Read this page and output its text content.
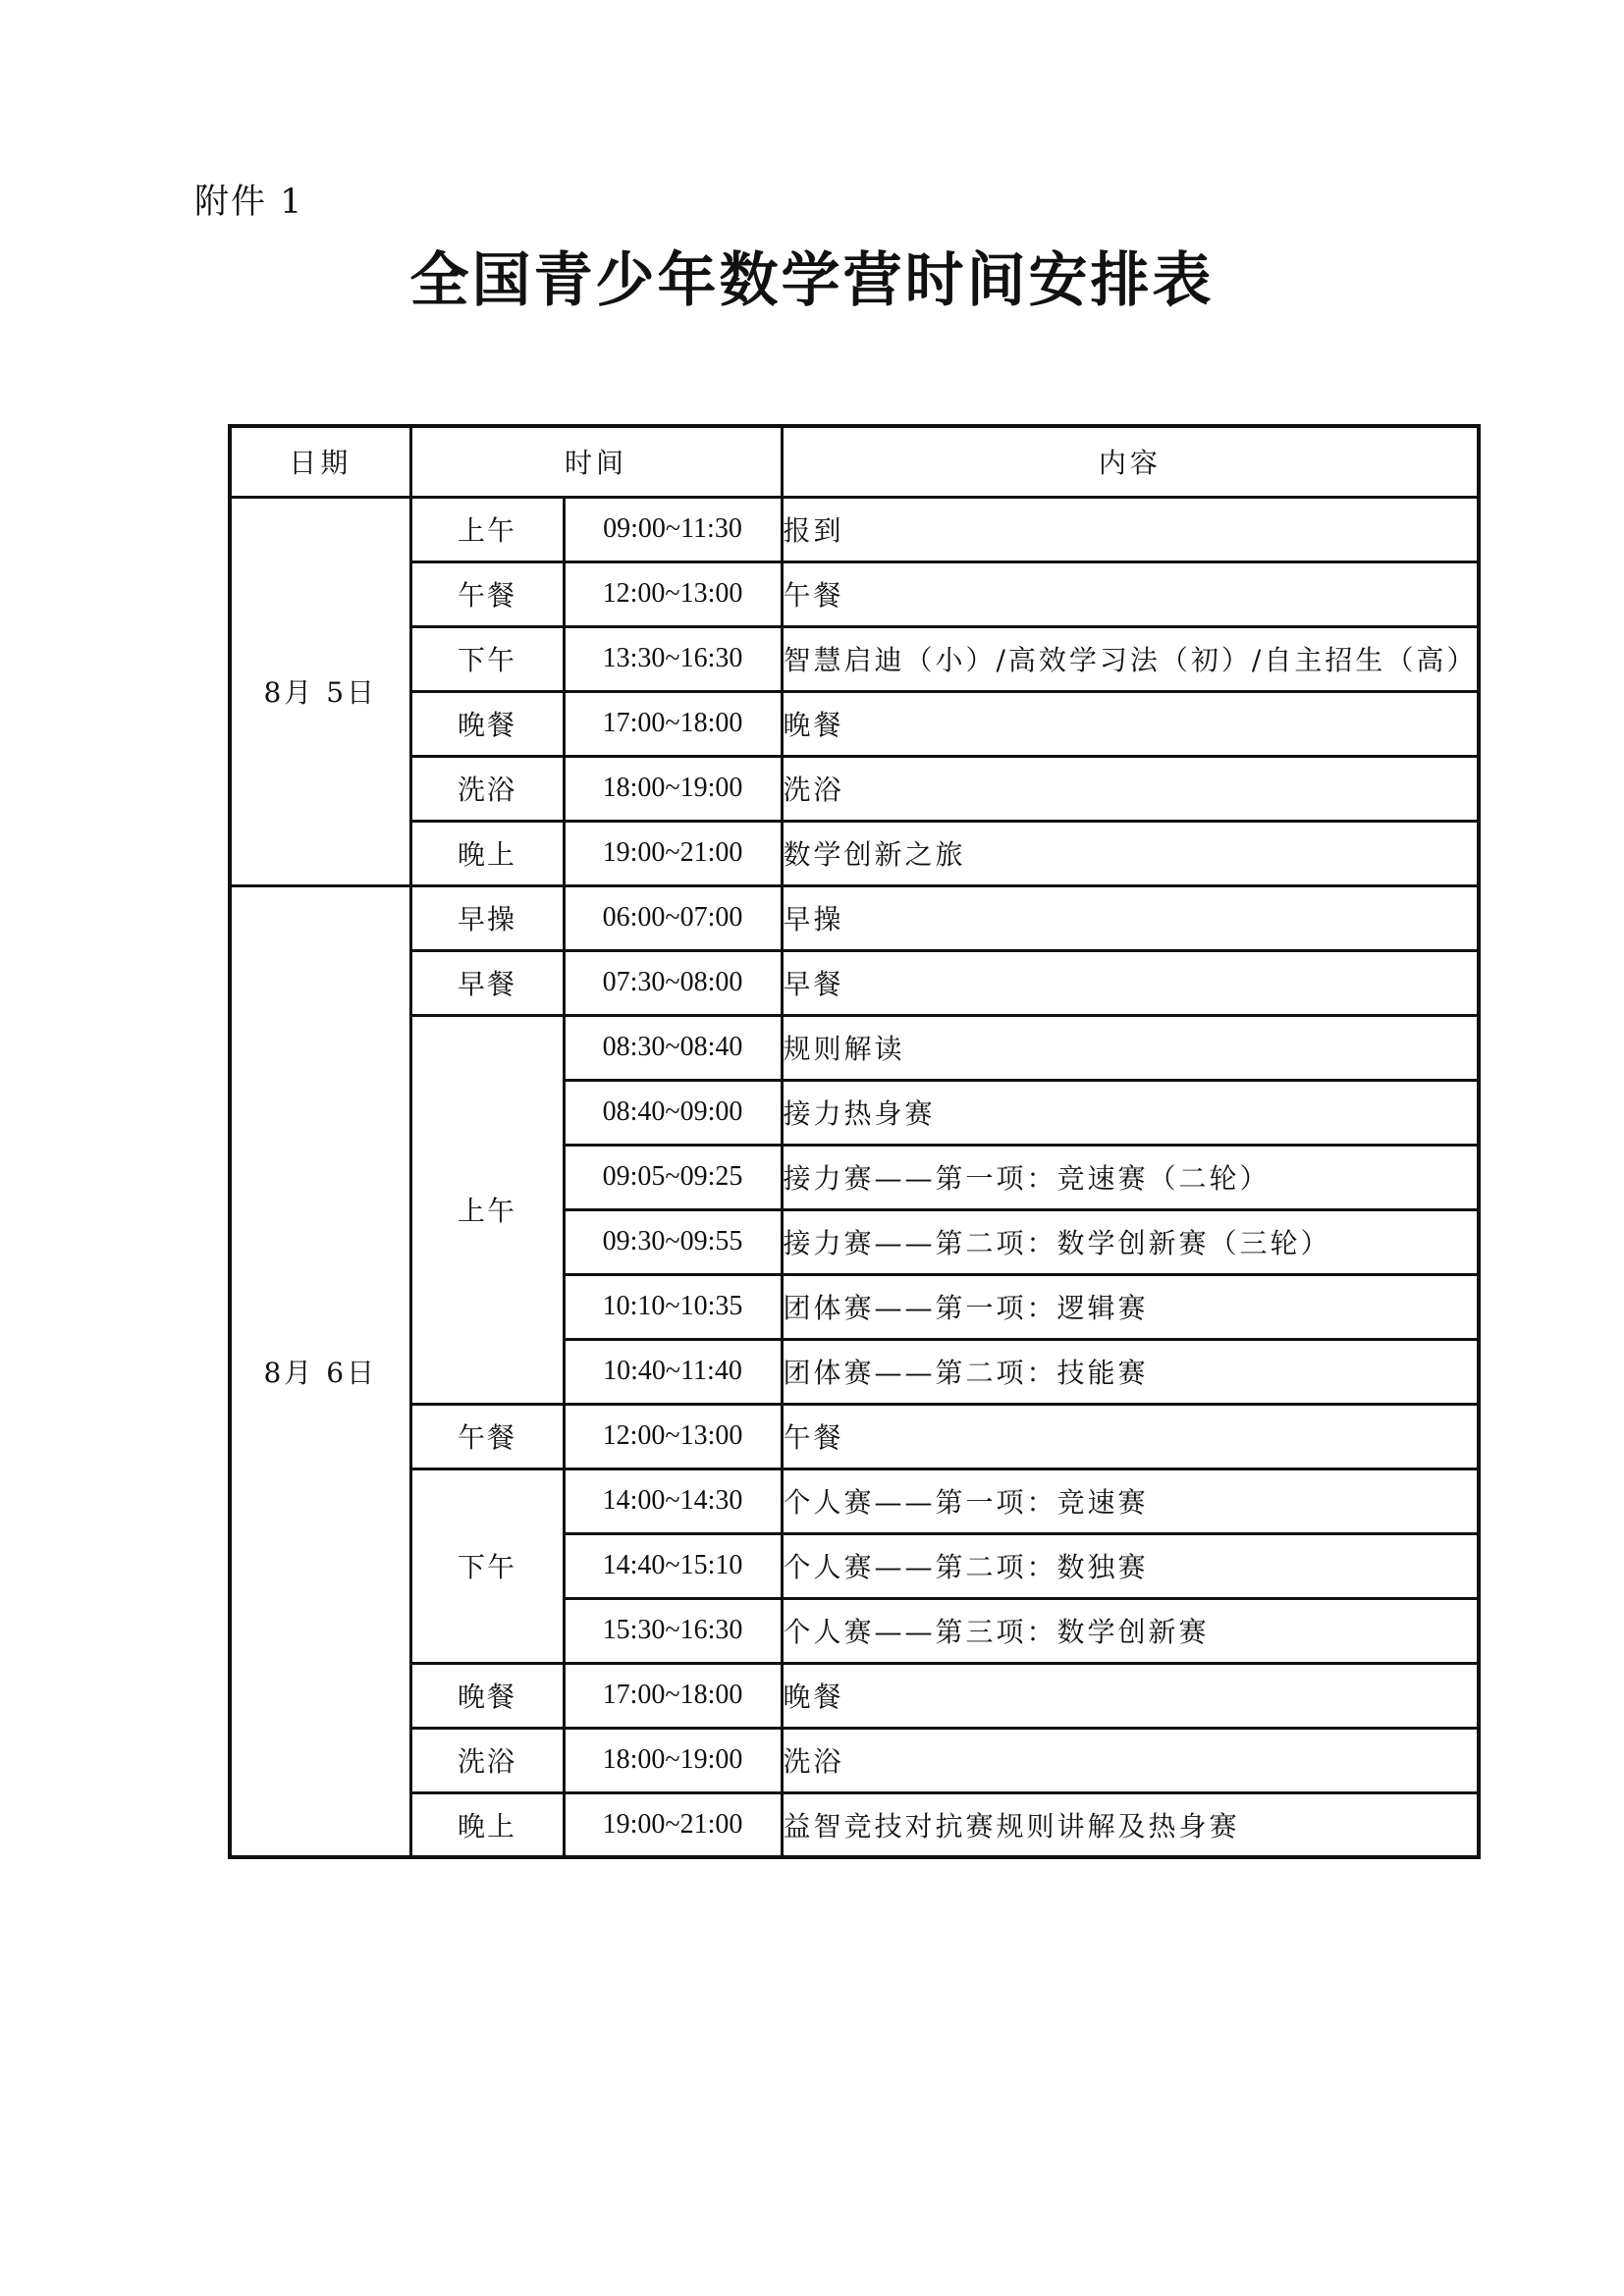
附件 1
全国青少年数学营时间安排表
日期	时间		内容
8月 5日	上午	09:00~11:30	报到
	午餐	12:00~13:00	午餐
	下午	13:30~16:30	智慧启迪（小）/高效学习法（初）/自主招生（高）
	晚餐	17:00~18:00	晚餐
	洗浴	18:00~19:00	洗浴
	晚上	19:00~21:00	数学创新之旅
8月 6日	早操	06:00~07:00	早操
	早餐	07:30~08:00	早餐
	上午	08:30~08:40	规则解读
		08:40~09:00	接力热身赛
		09:05~09:25	接力赛——第一项：竞速赛（二轮）
		09:30~09:55	接力赛——第二项：数学创新赛（三轮）
		10:10~10:35	团体赛——第一项：逻辑赛
		10:40~11:40	团体赛——第二项：技能赛
	午餐	12:00~13:00	午餐
	下午	14:00~14:30	个人赛——第一项：竞速赛
		14:40~15:10	个人赛——第二项：数独赛
		15:30~16:30	个人赛——第三项：数学创新赛
	晚餐	17:00~18:00	晚餐
	洗浴	18:00~19:00	洗浴
	晚上	19:00~21:00	益智竞技对抗赛规则讲解及热身赛
